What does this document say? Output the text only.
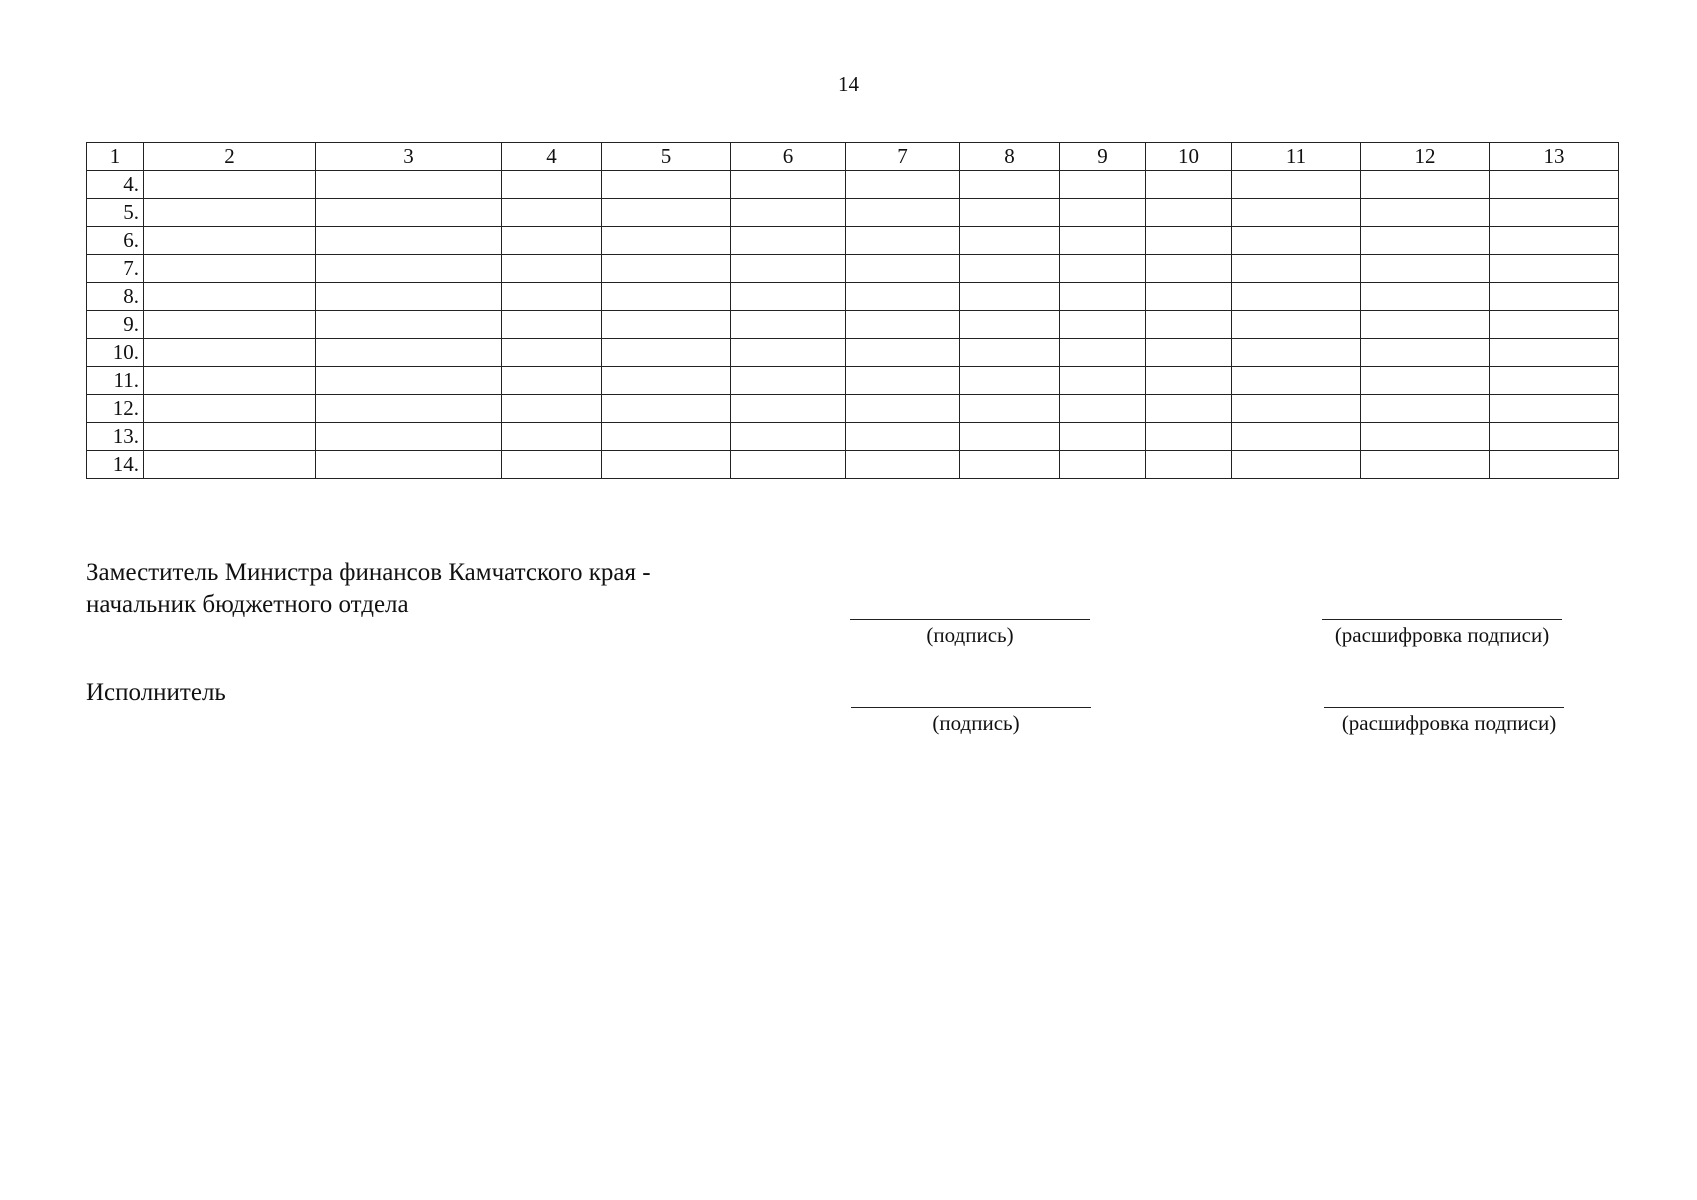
14
1	2	3	4	5	6	7	8	9	10	11	12	13
4.												
5.												
6.												
7.												
8.												
9.												
10.												
11.												
12.												
13.												
14.												
Заместитель Министра финансов Камчатского края -
начальник бюджетного отдела
(подпись)	(расшифровка подписи)
Исполнитель
(подпись)	(расшифровка подписи)
